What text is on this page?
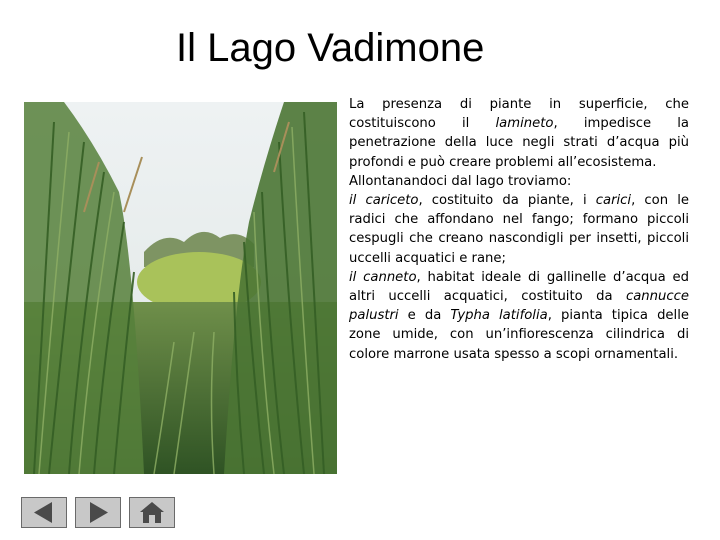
Il Lago Vadimone

La presenza di piante in superficie, che costituiscono il lamineto, impedisce la penetrazione della luce negli strati d’acqua più profondi e può creare problemi all’ecosistema.

Allontanandoci dal lago troviamo:

il cariceto, costituito da piante, i carici, con le radici che affondano nel fango; formano piccoli cespugli che creano nascondigli per insetti, piccoli uccelli acquatici e rane;

il canneto, habitat ideale di gallinelle d’acqua ed altri uccelli acquatici, costituito da cannucce palustri e da Typha latifolia, pianta tipica delle zone umide, con un’infiorescenza cilindrica di colore marrone usata spesso a scopi ornamentali.
